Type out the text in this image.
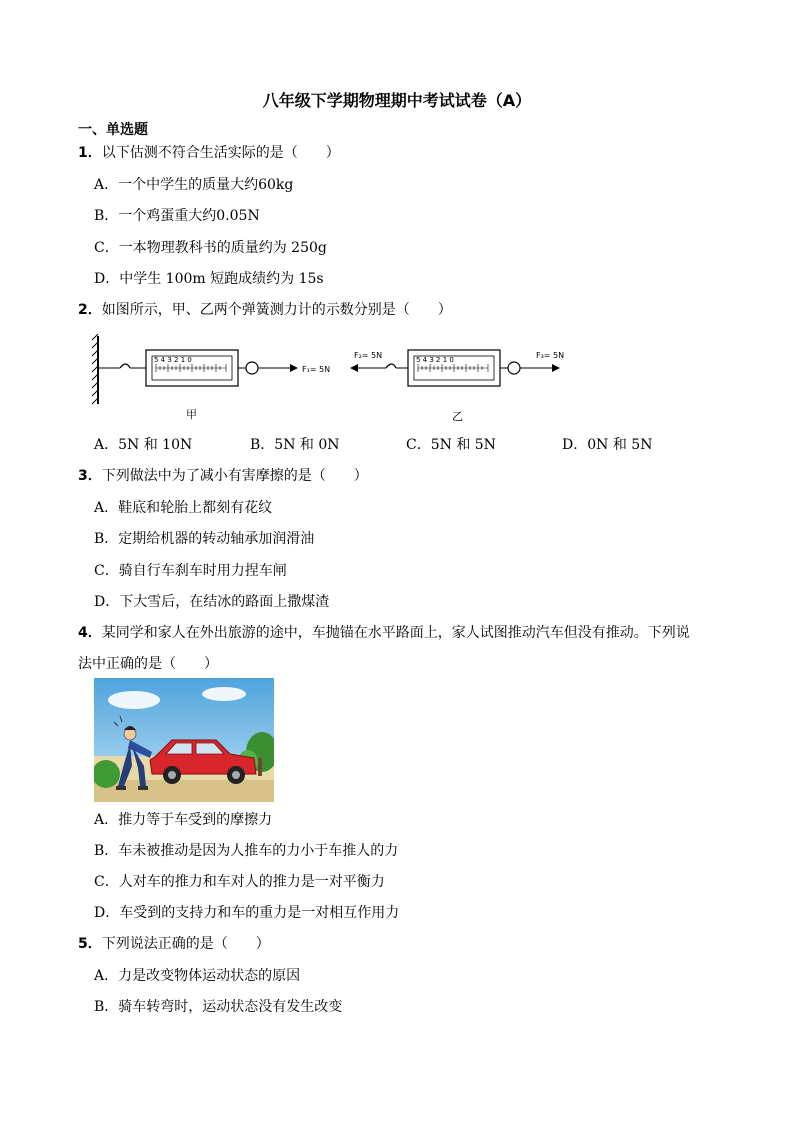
八年级下学期物理期中考试试卷（A）
一、单选题
1．以下估测不符合生活实际的是（　　）
A．一个中学生的质量大约60kg
B．一个鸡蛋重大约0.05N
C．一本物理教科书的质量约为 250g
D．中学生 100m 短跑成绩约为 15s
2．如图所示，甲、乙两个弹簧测力计的示数分别是（　　）
5 4 3 2 1 0
F₁= 5N
F₂= 5N	5 4 3 2 1 0	F₃= 5N
甲	乙
A．5N 和 10N	B．5N 和 0N	C．5N 和 5N	D．0N 和 5N
3．下列做法中为了减小有害摩擦的是（　　）
A．鞋底和轮胎上都刻有花纹
B．定期给机器的转动轴承加润滑油
C．骑自行车刹车时用力捏车闸
D．下大雪后，在结冰的路面上撒煤渣
4．某同学和家人在外出旅游的途中，车抛锚在水平路面上，家人试图推动汽车但没有推动。下列说
法中正确的是（　　）
A．推力等于车受到的摩擦力
B．车未被推动是因为人推车的力小于车推人的力
C．人对车的推力和车对人的推力是一对平衡力
D．车受到的支持力和车的重力是一对相互作用力
5．下列说法正确的是（　　）
A．力是改变物体运动状态的原因
B．骑车转弯时，运动状态没有发生改变
